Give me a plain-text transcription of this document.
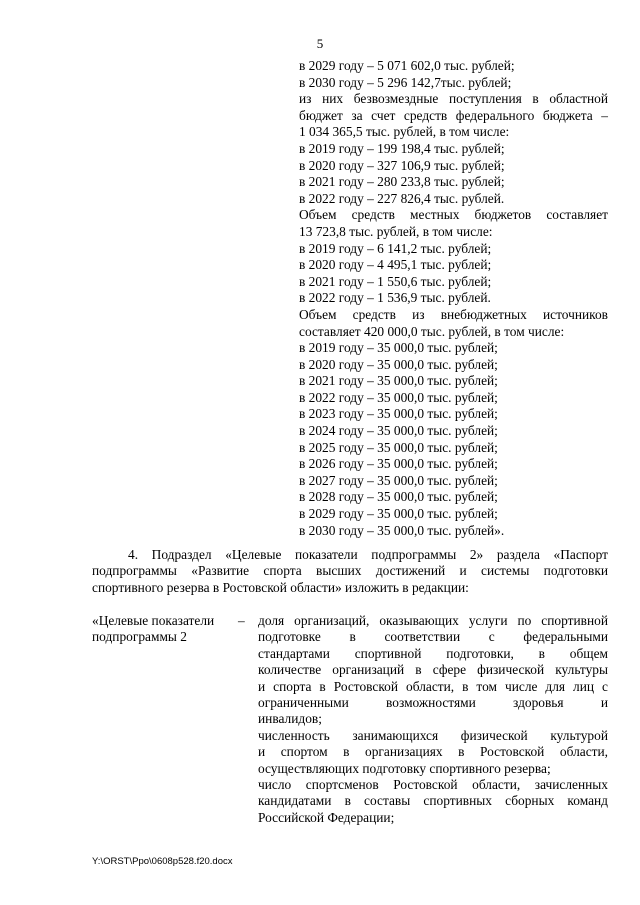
5
в 2029 году – 5 071 602,0 тыс. рублей;
в 2030 году – 5 296 142,7тыс. рублей;
из них безвозмездные поступления в областной
бюджет за счет средств федерального бюджета –
1 034 365,5 тыс. рублей, в том числе:
в 2019 году – 199 198,4 тыс. рублей;
в 2020 году – 327 106,9 тыс. рублей;
в 2021 году – 280 233,8 тыс. рублей;
в 2022 году – 227 826,4 тыс. рублей.
Объем средств местных бюджетов составляет
13 723,8 тыс. рублей, в том числе:
в 2019 году – 6 141,2 тыс. рублей;
в 2020 году – 4 495,1 тыс. рублей;
в 2021 году – 1 550,6 тыс. рублей;
в 2022 году – 1 536,9 тыс. рублей.
Объем средств из внебюджетных источников
составляет 420 000,0 тыс. рублей, в том числе:
в 2019 году – 35 000,0 тыс. рублей;
в 2020 году – 35 000,0 тыс. рублей;
в 2021 году – 35 000,0 тыс. рублей;
в 2022 году – 35 000,0 тыс. рублей;
в 2023 году – 35 000,0 тыс. рублей;
в 2024 году – 35 000,0 тыс. рублей;
в 2025 году – 35 000,0 тыс. рублей;
в 2026 году – 35 000,0 тыс. рублей;
в 2027 году – 35 000,0 тыс. рублей;
в 2028 году – 35 000,0 тыс. рублей;
в 2029 году – 35 000,0 тыс. рублей;
в 2030 году – 35 000,0 тыс. рублей».
4. Подраздел «Целевые показатели подпрограммы 2» раздела «Паспорт
подпрограммы «Развитие спорта высших достижений и системы подготовки
спортивного резерва в Ростовской области» изложить в редакции:
«Целевые показатели
подпрограммы 2
– доля организаций, оказывающих услуги по спортивной
подготовке в соответствии с федеральными
стандартами спортивной подготовки, в общем
количестве организаций в сфере физической культуры
и спорта в Ростовской области, в том числе для лиц с
ограниченными возможностями здоровья и
инвалидов;
численность занимающихся физической культурой
и спортом в организациях в Ростовской области,
осуществляющих подготовку спортивного резерва;
число спортсменов Ростовской области, зачисленных
кандидатами в составы спортивных сборных команд
Российской Федерации;
Y:\ORST\Ppo\0608p528.f20.docx
